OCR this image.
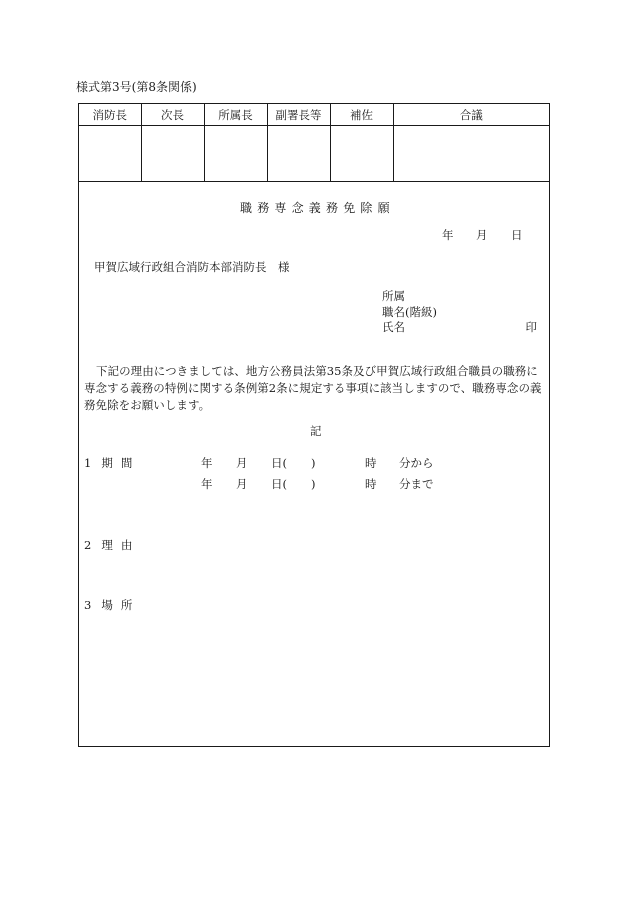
様式第3号(第8条関係)
消防長	次長	所属長	副署長等	補佐	合議

職務専念義務免除願
年 月 日
甲賀広域行政組合消防本部消防長　様
所属
職名(階級)
氏名	印
下記の理由につきましては、地方公務員法第35条及び甲賀広域行政組合職員の職務に専念する義務の特例に関する条例第2条に規定する事項に該当しますので、職務専念の義務免除をお願いします。
記
1 期間	年 月 日( )	時 分から
年 月 日( )	時 分まで
2 理由
3 場所
